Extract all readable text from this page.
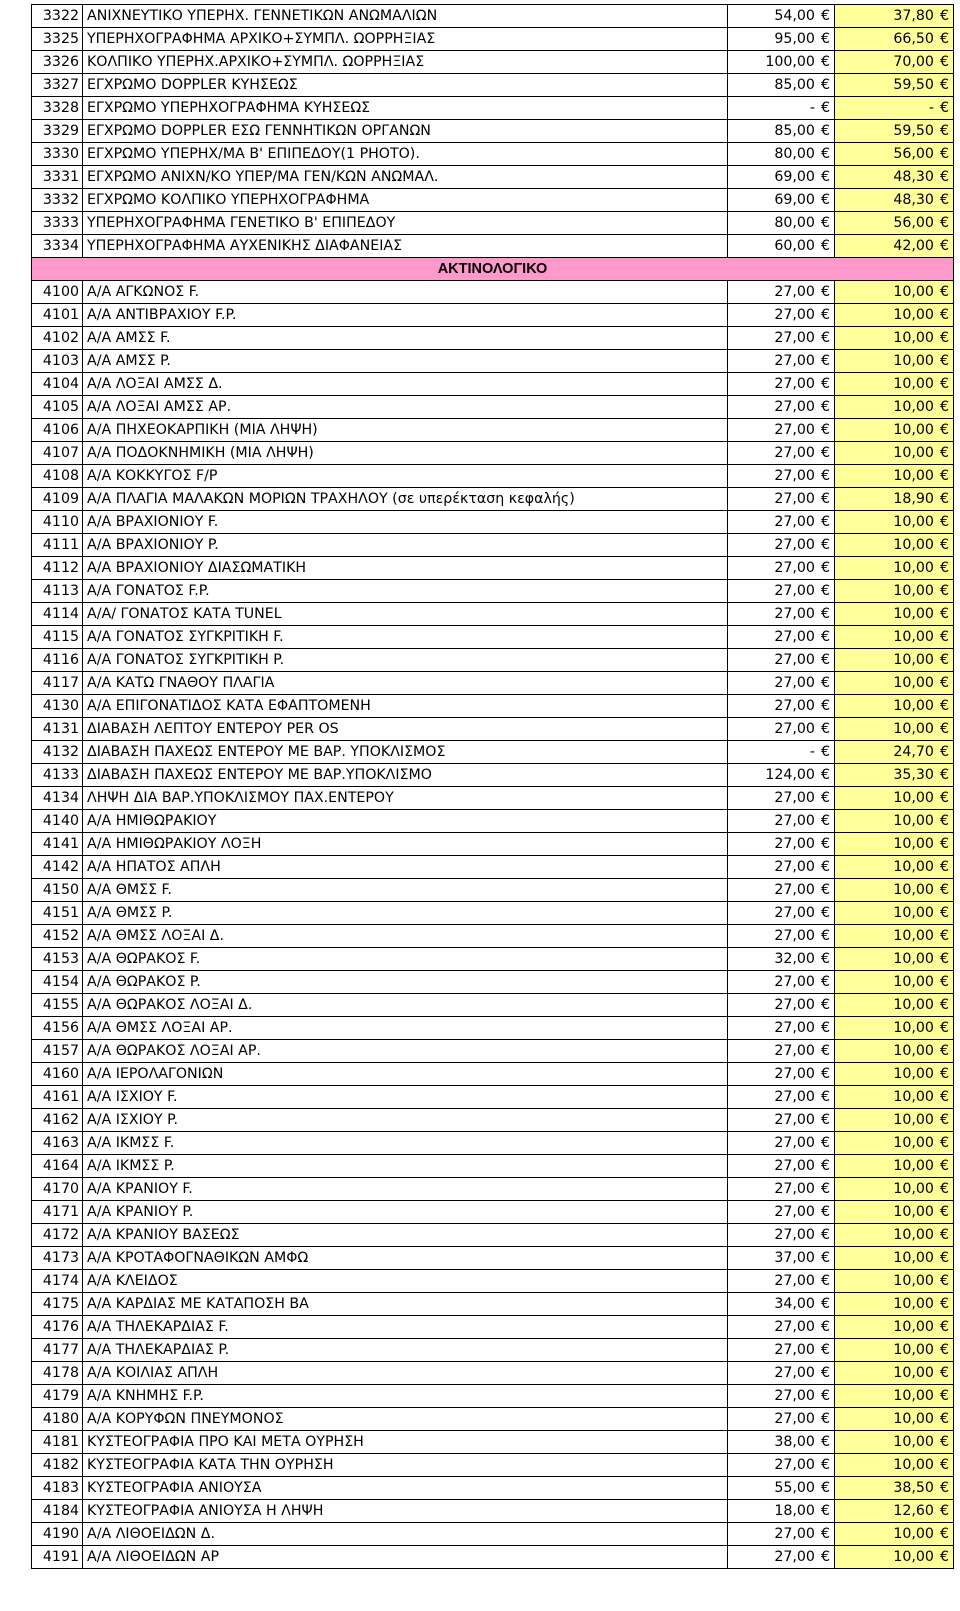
3322	ΑΝΙΧΝΕΥΤΙΚΟ ΥΠΕΡΗΧ. ΓΕΝΝΕΤΙΚΩΝ ΑΝΩΜΑΛΙΩΝ	54,00 €	37,80 €

3325	ΥΠΕΡΗΧΟΓΡΑΦΗΜΑ ΑΡΧΙΚΟ+ΣΥΜΠΛ. ΩΟΡΡΗΞΙΑΣ	95,00 €	66,50 €

3326	ΚΟΛΠΙΚΟ ΥΠΕΡΗΧ.ΑΡΧΙΚΟ+ΣΥΜΠΛ. ΩΟΡΡΗΞΙΑΣ	100,00 €	70,00 €

3327	ΕΓΧΡΩΜΟ DOPPLER ΚΥΗΣΕΩΣ	85,00 €	59,50 €

3328	ΕΓΧΡΩΜΟ ΥΠΕΡΗΧΟΓΡΑΦΗΜΑ ΚΥΗΣΕΩΣ	- €	- €

3329	ΕΓΧΡΩΜΟ DOPPLER ΕΣΩ ΓΕΝΝΗΤΙΚΩΝ ΟΡΓΑΝΩΝ	85,00 €	59,50 €

3330	ΕΓΧΡΩΜΟ ΥΠΕΡΗΧ/ΜΑ Β' ΕΠΙΠΕΔΟΥ(1 PHOTO).	80,00 €	56,00 €

3331	ΕΓΧΡΩΜΟ ΑΝΙΧΝ/ΚΟ ΥΠΕΡ/ΜΑ ΓΕΝ/ΚΩΝ ΑΝΩΜΑΛ.	69,00 €	48,30 €

3332	ΕΓΧΡΩΜΟ ΚΟΛΠΙΚΟ ΥΠΕΡΗΧΟΓΡΑΦΗΜΑ	69,00 €	48,30 €

3333	ΥΠΕΡΗΧΟΓΡΑΦΗΜΑ ΓΕΝΕΤΙΚΟ Β' ΕΠΙΠΕΔΟΥ	80,00 €	56,00 €

3334	ΥΠΕΡΗΧΟΓΡΑΦΗΜΑ ΑΥΧΕΝΙΚΗΣ ΔΙΑΦΑΝΕΙΑΣ	60,00 €	42,00 €

ΑΚΤΙΝΟΛΟΓΙΚΟ			
4100	Α/Α ΑΓΚΩΝΟΣ F.	27,00 €	10,00 €

4101	Α/Α ΑΝΤΙΒΡΑΧΙΟΥ F.P.	27,00 €	10,00 €

4102	Α/Α ΑΜΣΣ F.	27,00 €	10,00 €

4103	Α/Α ΑΜΣΣ P.	27,00 €	10,00 €

4104	Α/Α ΛΟΞΑΙ ΑΜΣΣ Δ.	27,00 €	10,00 €

4105	Α/Α ΛΟΞΑΙ ΑΜΣΣ ΑΡ.	27,00 €	10,00 €

4106	Α/Α ΠΗΧΕΟΚΑΡΠΙΚΗ (ΜΙΑ ΛΗΨΗ)	27,00 €	10,00 €

4107	Α/Α ΠΟΔΟΚΝΗΜΙΚΗ (ΜΙΑ ΛΗΨΗ)	27,00 €	10,00 €

4108	Α/Α ΚΟΚΚΥΓΟΣ F/P	27,00 €	10,00 €

4109	Α/Α ΠΛΑΓΙΑ ΜΑΛΑΚΩΝ ΜΟΡΙΩΝ ΤΡΑΧΗΛΟΥ (σε υπερέκταση κεφαλής)	27,00 €	18,90 €

4110	Α/Α ΒΡΑΧΙΟΝΙΟΥ F.	27,00 €	10,00 €

4111	Α/Α ΒΡΑΧΙΟΝΙΟΥ P.	27,00 €	10,00 €

4112	Α/Α ΒΡΑΧΙΟΝΙΟΥ ΔΙΑΣΩΜΑΤΙΚΗ	27,00 €	10,00 €

4113	Α/Α ΓΟΝΑΤΟΣ F.P.	27,00 €	10,00 €

4114	Α/Α/ ΓΟΝΑΤΟΣ ΚΑΤΑ TUNEL	27,00 €	10,00 €

4115	Α/Α ΓΟΝΑΤΟΣ ΣΥΓΚΡΙΤΙΚΗ F.	27,00 €	10,00 €

4116	Α/Α ΓΟΝΑΤΟΣ ΣΥΓΚΡΙΤΙΚΗ P.	27,00 €	10,00 €

4117	Α/Α ΚΑΤΩ ΓΝΑΘΟΥ ΠΛΑΓΙΑ	27,00 €	10,00 €

4130	Α/Α ΕΠΙΓΟΝΑΤΙΔΟΣ ΚΑΤΑ ΕΦΑΠΤΟΜΕΝΗ	27,00 €	10,00 €

4131	ΔΙΑΒΑΣΗ ΛΕΠΤΟΥ ΕΝΤΕΡΟΥ PER OS	27,00 €	10,00 €

4132	ΔΙΑΒΑΣΗ ΠΑΧΕΩΣ ΕΝΤΕΡΟΥ ΜΕ ΒΑΡ. ΥΠΟΚΛΙΣΜΟΣ	- €	24,70 €

4133	ΔΙΑΒΑΣΗ ΠΑΧΕΩΣ ΕΝΤΕΡΟΥ ΜΕ ΒΑΡ.ΥΠΟΚΛΙΣΜΟ	124,00 €	35,30 €

4134	ΛΗΨΗ ΔΙΑ ΒΑΡ.ΥΠΟΚΛΙΣΜΟΥ ΠΑΧ.ΕΝΤΕΡΟΥ	27,00 €	10,00 €

4140	Α/Α ΗΜΙΘΩΡΑΚΙΟΥ	27,00 €	10,00 €

4141	Α/Α ΗΜΙΘΩΡΑΚΙΟΥ ΛΟΞΗ	27,00 €	10,00 €

4142	Α/Α ΗΠΑΤΟΣ ΑΠΛΗ	27,00 €	10,00 €

4150	Α/Α ΘΜΣΣ F.	27,00 €	10,00 €

4151	Α/Α ΘΜΣΣ P.	27,00 €	10,00 €

4152	Α/Α ΘΜΣΣ ΛΟΞΑΙ Δ.	27,00 €	10,00 €

4153	Α/Α ΘΩΡΑΚΟΣ F.	32,00 €	10,00 €

4154	Α/Α ΘΩΡΑΚΟΣ P.	27,00 €	10,00 €

4155	Α/Α ΘΩΡΑΚΟΣ ΛΟΞΑΙ Δ.	27,00 €	10,00 €

4156	Α/Α ΘΜΣΣ ΛΟΞΑΙ ΑΡ.	27,00 €	10,00 €

4157	Α/Α ΘΩΡΑΚΟΣ ΛΟΞΑΙ ΑΡ.	27,00 €	10,00 €

4160	Α/Α ΙΕΡΟΛΑΓΟΝΙΩΝ	27,00 €	10,00 €

4161	Α/Α ΙΣΧΙΟΥ F.	27,00 €	10,00 €

4162	Α/Α ΙΣΧΙΟΥ P.	27,00 €	10,00 €

4163	Α/Α ΙΚΜΣΣ F.	27,00 €	10,00 €

4164	Α/Α ΙΚΜΣΣ P.	27,00 €	10,00 €

4170	Α/Α ΚΡΑΝΙΟΥ F.	27,00 €	10,00 €

4171	Α/Α ΚΡΑΝΙΟΥ P.	27,00 €	10,00 €

4172	Α/Α ΚΡΑΝΙΟΥ ΒΑΣΕΩΣ	27,00 €	10,00 €

4173	Α/Α ΚΡΟΤΑΦΟΓΝΑΘΙΚΩΝ ΑΜΦΩ	37,00 €	10,00 €

4174	Α/Α ΚΛΕΙΔΟΣ	27,00 €	10,00 €

4175	Α/Α ΚΑΡΔΙΑΣ ΜΕ ΚΑΤΑΠΟΣΗ ΒΑ	34,00 €	10,00 €

4176	Α/Α ΤΗΛΕΚΑΡΔΙΑΣ F.	27,00 €	10,00 €

4177	Α/Α ΤΗΛΕΚΑΡΔΙΑΣ P.	27,00 €	10,00 €

4178	Α/Α ΚΟΙΛΙΑΣ ΑΠΛΗ	27,00 €	10,00 €

4179	Α/Α ΚΝΗΜΗΣ F.P.	27,00 €	10,00 €

4180	Α/Α ΚΟΡΥΦΩΝ ΠΝΕΥΜΟΝΟΣ	27,00 €	10,00 €

4181	ΚΥΣΤΕΟΓΡΑΦΙΑ ΠΡΟ ΚΑΙ ΜΕΤΑ ΟΥΡΗΣΗ	38,00 €	10,00 €

4182	ΚΥΣΤΕΟΓΡΑΦΙΑ ΚΑΤΑ ΤΗΝ ΟΥΡΗΣΗ	27,00 €	10,00 €

4183	ΚΥΣΤΕΟΓΡΑΦΙΑ ΑΝΙΟΥΣΑ	55,00 €	38,50 €

4184	ΚΥΣΤΕΟΓΡΑΦΙΑ ΑΝΙΟΥΣΑ Η ΛΗΨΗ	18,00 €	12,60 €

4190	Α/Α ΛΙΘΟΕΙΔΩΝ Δ.	27,00 €	10,00 €

4191	Α/Α ΛΙΘΟΕΙΔΩΝ ΑΡ	27,00 €	10,00 €
